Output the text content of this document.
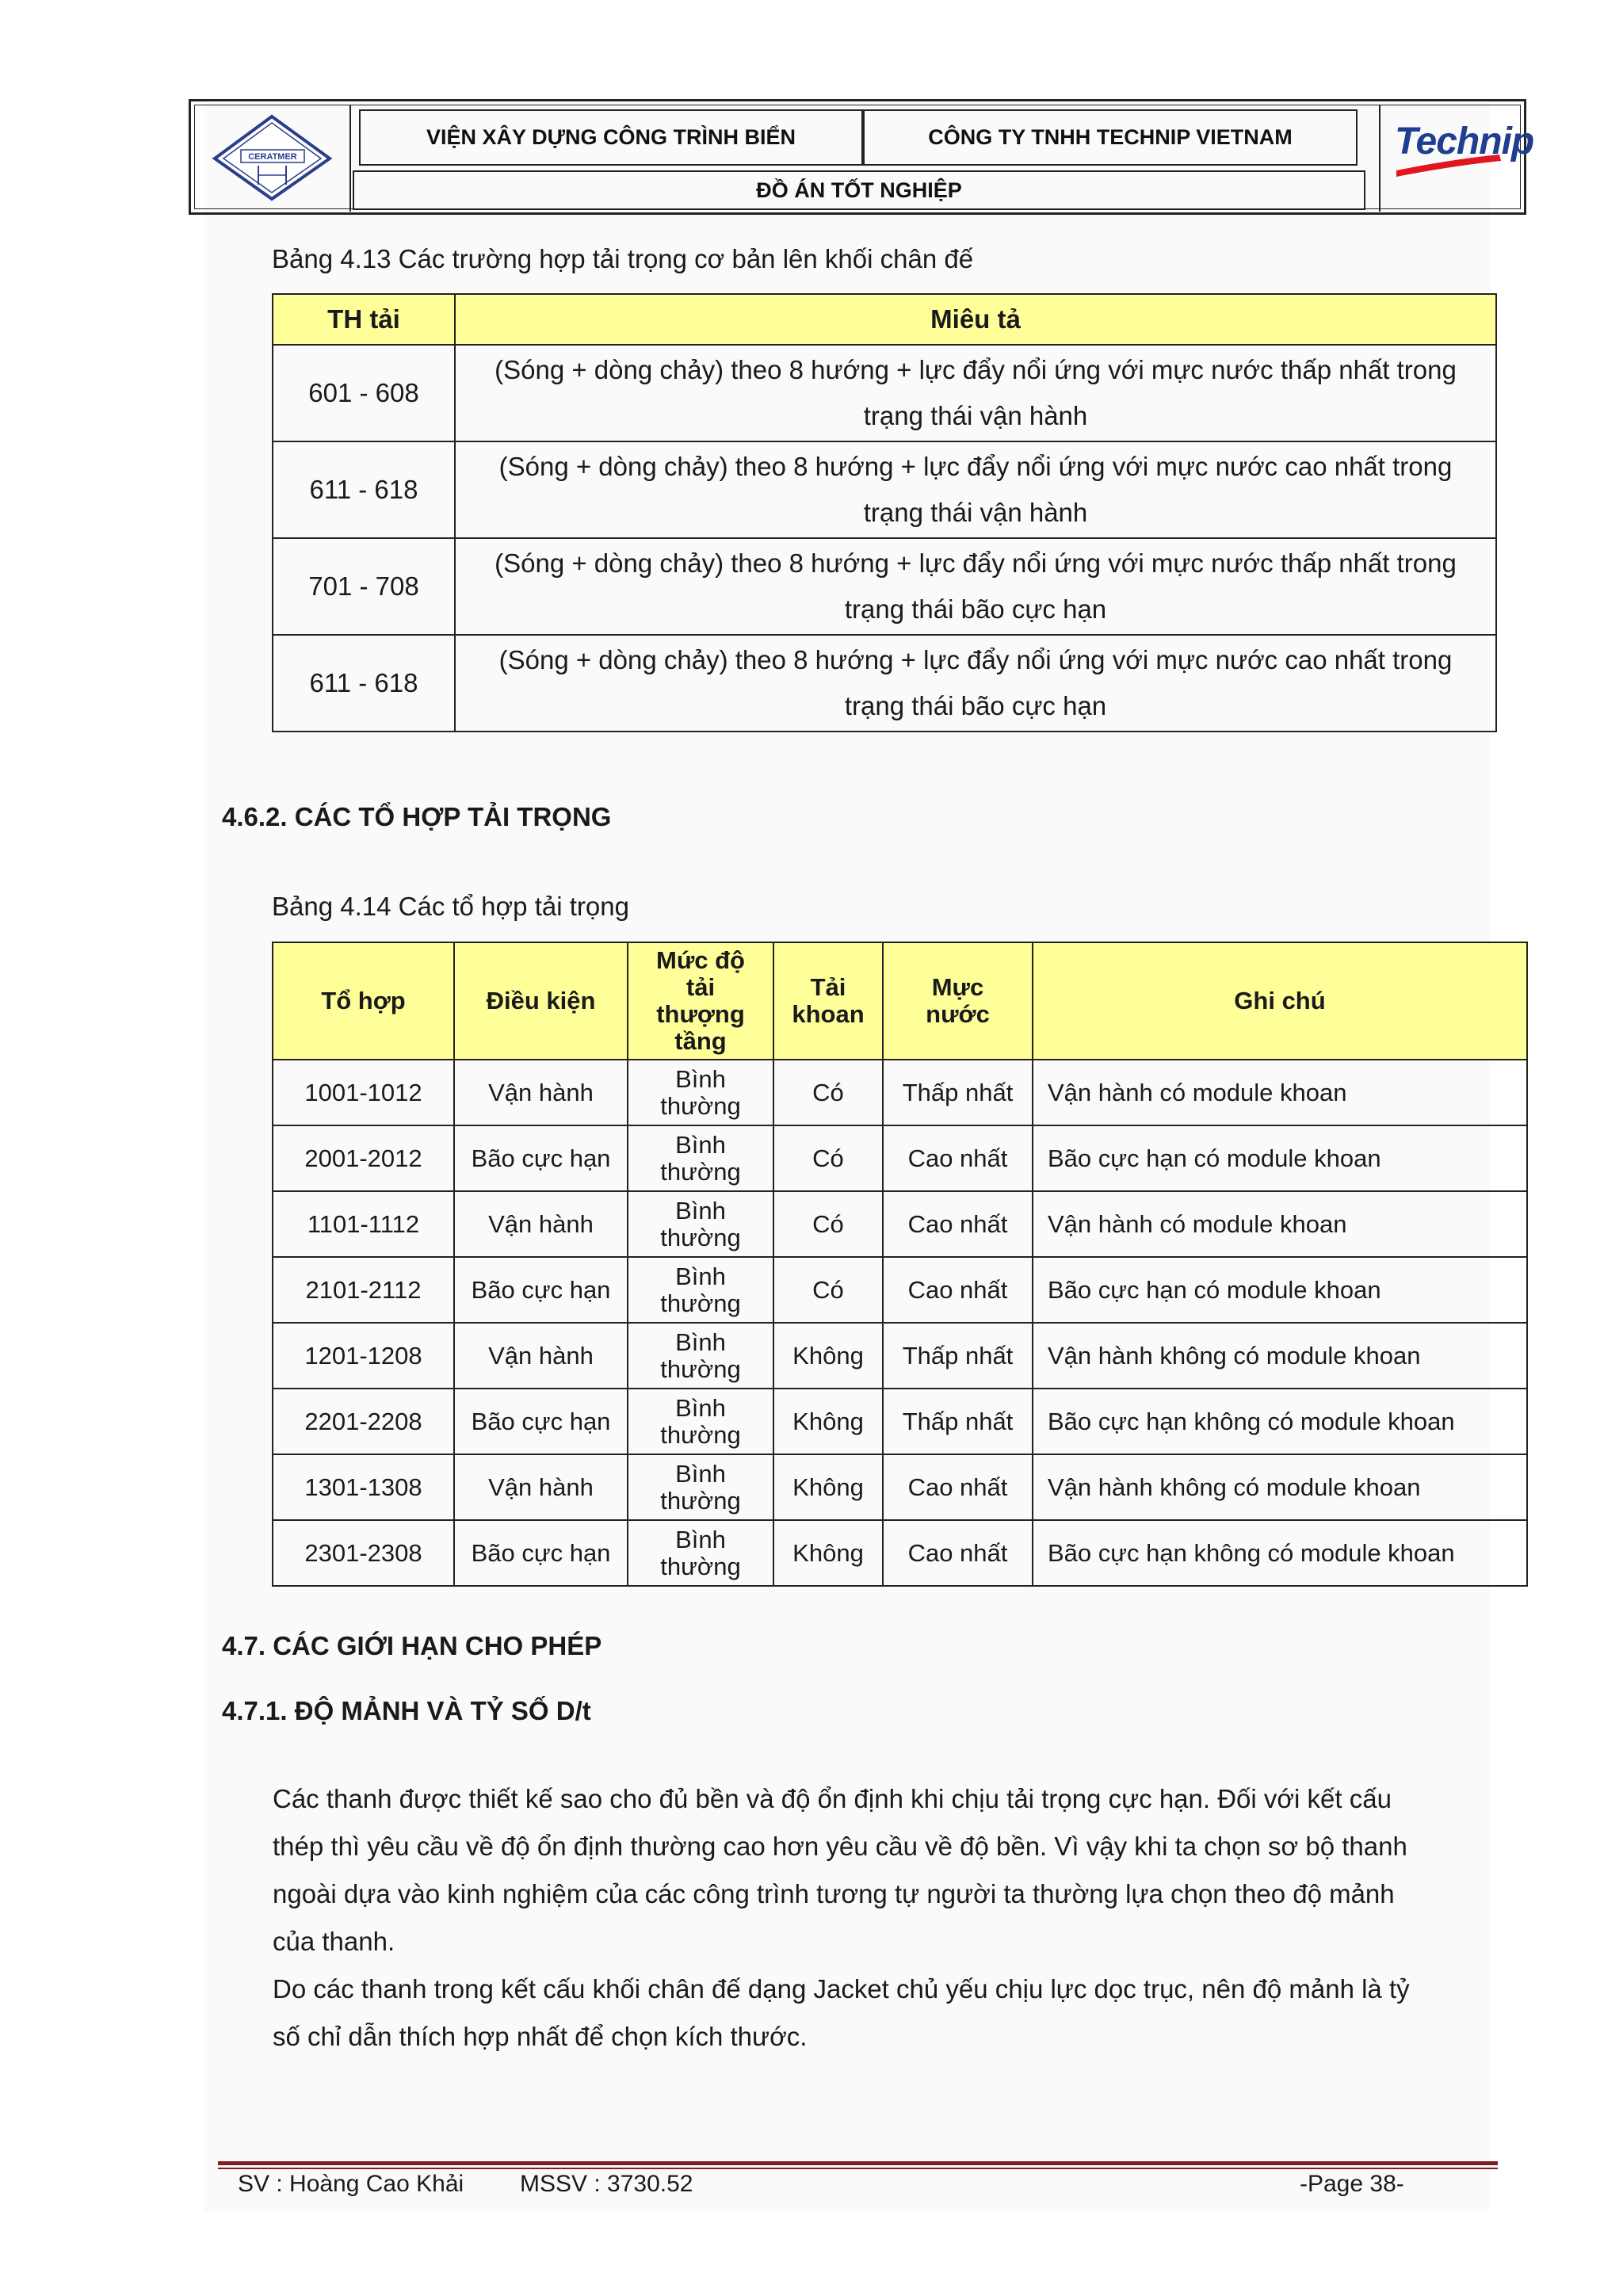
CERATMER
VIỆN XÂY DỰNG CÔNG TRÌNH BIỂN	CÔNG TY TNHH TECHNIP VIETNAM
ĐỒ ÁN TỐT NGHIỆP
Technip
Bảng 4.13 Các trường hợp tải trọng cơ bản lên khối chân đế
TH tải	Miêu tả
601 - 608	(Sóng + dòng chảy) theo 8 hướng + lực đẩy nổi ứng với mực nước thấp nhất trong
trạng thái vận hành
611 - 618	(Sóng + dòng chảy) theo 8 hướng + lực đẩy nổi ứng với mực nước cao nhất trong
trạng thái vận hành
701 - 708	(Sóng + dòng chảy) theo 8 hướng + lực đẩy nổi ứng với mực nước thấp nhất trong
trạng thái bão cực hạn
611 - 618	(Sóng + dòng chảy) theo 8 hướng + lực đẩy nổi ứng với mực nước cao nhất trong
trạng thái bão cực hạn
4.6.2. CÁC TỔ HỢP TẢI TRỌNG
Bảng 4.14 Các tổ hợp tải trọng
Tổ hợp	Điều kiện	Mức độ
tải
thượng
tầng	Tải
khoan	Mực
nước	Ghi chú
1001-1012	Vận hành	Bình
thường	Có	Thấp nhất	Vận hành có module khoan
2001-2012	Bão cực hạn	Bình
thường	Có	Cao nhất	Bão cực hạn có module khoan
1101-1112	Vận hành	Bình
thường	Có	Cao nhất	Vận hành có module khoan
2101-2112	Bão cực hạn	Bình
thường	Có	Cao nhất	Bão cực hạn có module khoan
1201-1208	Vận hành	Bình
thường	Không	Thấp nhất	Vận hành không có module khoan
2201-2208	Bão cực hạn	Bình
thường	Không	Thấp nhất	Bão cực hạn không có module khoan
1301-1308	Vận hành	Bình
thường	Không	Cao nhất	Vận hành không có module khoan
2301-2308	Bão cực hạn	Bình
thường	Không	Cao nhất	Bão cực hạn không có module khoan
4.7. CÁC GIỚI HẠN CHO PHÉP
4.7.1. ĐỘ MẢNH VÀ TỶ SỐ D/t
Các thanh được thiết kế sao cho đủ bền và độ ổn định khi chịu tải trọng cực hạn. Đối với kết cấu
thép thì yêu cầu về độ ổn định thường cao hơn yêu cầu về độ bền. Vì vậy khi ta chọn sơ bộ thanh
ngoài dựa vào kinh nghiệm của các công trình tương tự người ta thường lựa chọn theo độ mảnh
của thanh.
Do các thanh trong kết cấu khối chân đế dạng Jacket chủ yếu chịu lực dọc trục, nên độ mảnh là tỷ
số chỉ dẫn thích hợp nhất để chọn kích thước.
SV : Hoàng Cao Khải MSSV : 3730.52	-Page 38-
